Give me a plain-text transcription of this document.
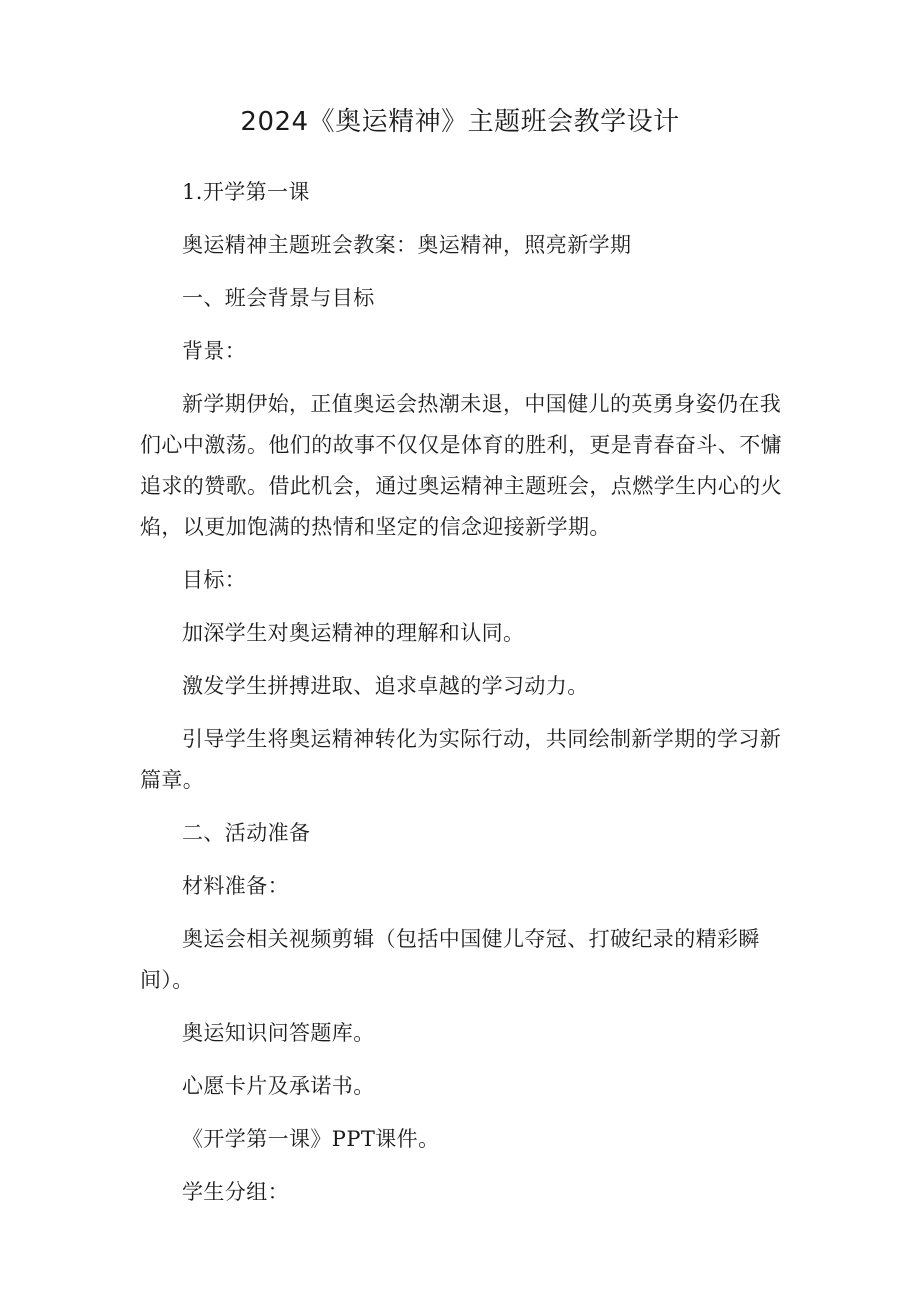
2024《奥运精神》主题班会教学设计

1.开学第一课

奥运精神主题班会教案：奥运精神，照亮新学期

一、班会背景与目标

背景：

新学期伊始，正值奥运会热潮未退，中国健儿的英勇身姿仍在我们心中激荡。他们的故事不仅仅是体育的胜利，更是青春奋斗、不慵追求的赞歌。借此机会，通过奥运精神主题班会，点燃学生内心的火焰，以更加饱满的热情和坚定的信念迎接新学期。

目标：

加深学生对奥运精神的理解和认同。

激发学生拼搏进取、追求卓越的学习动力。

引导学生将奥运精神转化为实际行动，共同绘制新学期的学习新篇章。

二、活动准备

材料准备：

奥运会相关视频剪辑（包括中国健儿夺冠、打破纪录的精彩瞬间）。

奥运知识问答题库。

心愿卡片及承诺书。

《开学第一课》PPT课件。

学生分组：
